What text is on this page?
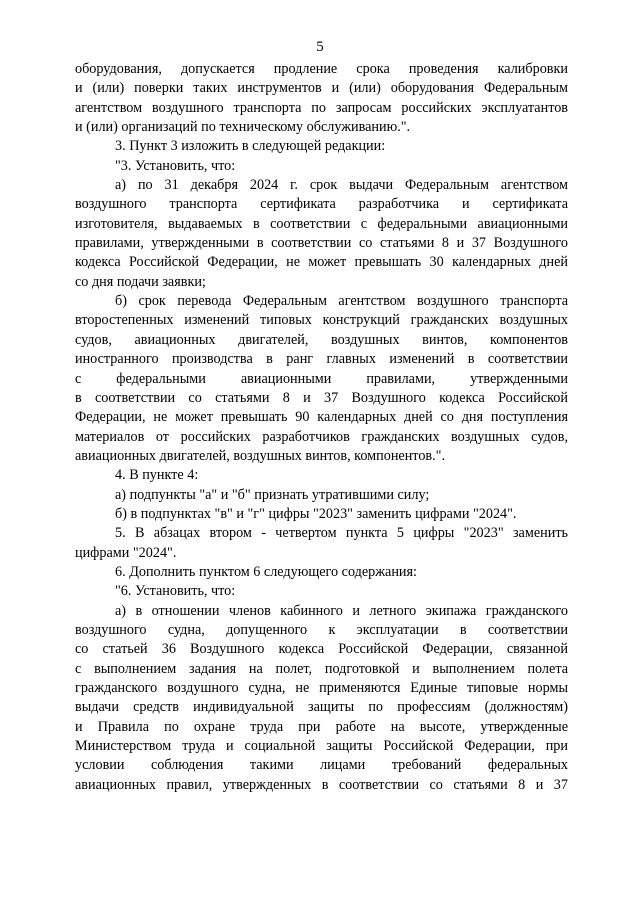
5
оборудования, допускается продление срока проведения калибровки
и (или) поверки таких инструментов и (или) оборудования Федеральным
агентством воздушного транспорта по запросам российских эксплуатантов
и (или) организаций по техническому обслуживанию.".
3. Пункт 3 изложить в следующей редакции:
"3. Установить, что:
а) по 31 декабря 2024 г. срок выдачи Федеральным агентством
воздушного транспорта сертификата разработчика и сертификата
изготовителя, выдаваемых в соответствии с федеральными авиационными
правилами, утвержденными в соответствии со статьями 8 и 37 Воздушного
кодекса Российской Федерации, не может превышать 30 календарных дней
со дня подачи заявки;
б) срок перевода Федеральным агентством воздушного транспорта
второстепенных изменений типовых конструкций гражданских воздушных
судов, авиационных двигателей, воздушных винтов, компонентов
иностранного производства в ранг главных изменений в соответствии
с федеральными авиационными правилами, утвержденными
в соответствии со статьями 8 и 37 Воздушного кодекса Российской
Федерации, не может превышать 90 календарных дней со дня поступления
материалов от российских разработчиков гражданских воздушных судов,
авиационных двигателей, воздушных винтов, компонентов.".
4. В пункте 4:
а) подпункты "а" и "б" признать утратившими силу;
б) в подпунктах "в" и "г" цифры "2023" заменить цифрами "2024".
5. В абзацах втором - четвертом пункта 5 цифры "2023" заменить
цифрами "2024".
6. Дополнить пунктом 6 следующего содержания:
"6. Установить, что:
а) в отношении членов кабинного и летного экипажа гражданского
воздушного судна, допущенного к эксплуатации в соответствии
со статьей 36 Воздушного кодекса Российской Федерации, связанной
с выполнением задания на полет, подготовкой и выполнением полета
гражданского воздушного судна, не применяются Единые типовые нормы
выдачи средств индивидуальной защиты по профессиям (должностям)
и Правила по охране труда при работе на высоте, утвержденные
Министерством труда и социальной защиты Российской Федерации, при
условии соблюдения такими лицами требований федеральных
авиационных правил, утвержденных в соответствии со статьями 8 и 37
